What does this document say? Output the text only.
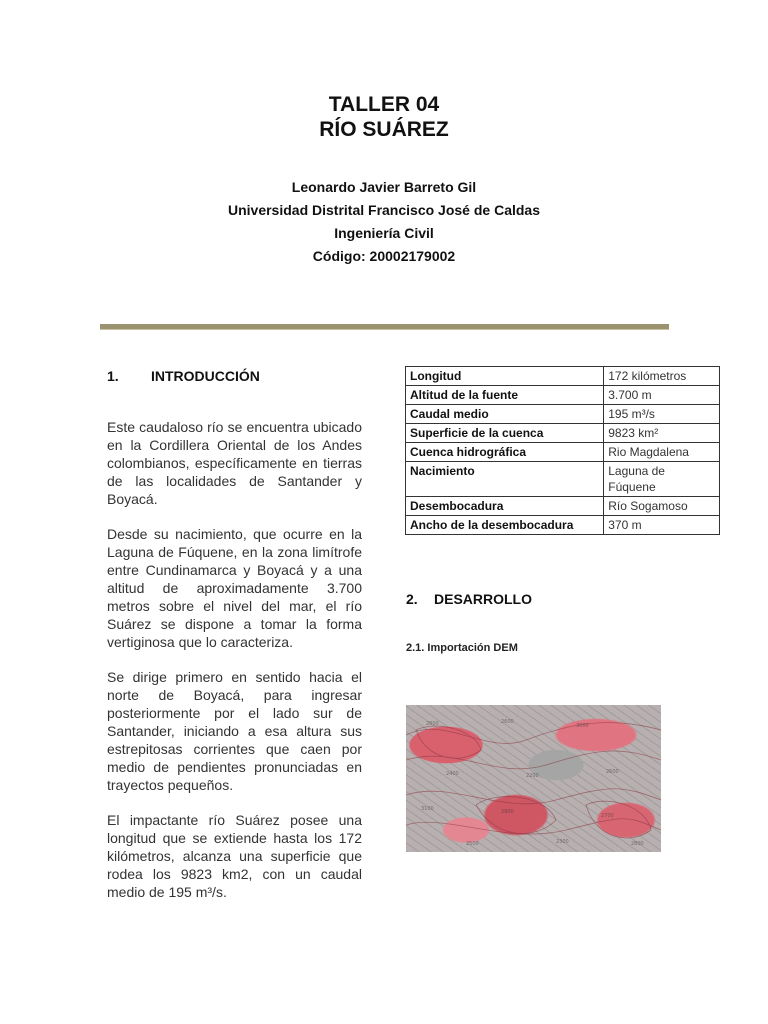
TALLER 04
RÍO SUÁREZ
Leonardo Javier Barreto Gil
Universidad Distrital Francisco José de Caldas
Ingeniería Civil
Código: 20002179002
1. INTRODUCCIÓN

Este caudaloso río se encuentra ubicado en la Cordillera Oriental de los Andes colombianos, específicamente en tierras de las localidades de Santander y Boyacá.

Desde su nacimiento, que ocurre en la Laguna de Fúquene, en la zona limítrofe entre Cundinamarca y Boyacá y a una altitud de aproximadamente 3.700 metros sobre el nivel del mar, el río Suárez se dispone a tomar la forma vertiginosa que lo caracteriza.

Se dirige primero en sentido hacia el norte de Boyacá, para ingresar posteriormente por el lado sur de Santander, iniciando a esa altura sus estrepitosas corrientes que caen por medio de pendientes pronunciadas en trayectos pequeños.

El impactante río Suárez posee una longitud que se extiende hasta los 172 kilómetros, alcanza una superficie que rodea los 9823 km2, con un caudal medio de 195 m³/s.

Longitud	172 kilómetros
Altitud de la fuente	3.700 m
Caudal medio	195 m³/s
Superficie de la cuenca	9823 km²
Cuenca hidrográfica	Rio Magdalena
Nacimiento	Laguna de Fúquene
Desembocadura	Río Sogamoso
Ancho de la desembocadura	370 m
2. DESARROLLO
2.1. Importación DEM
2800	2600
3000
2400	2200
2600
3100	2900
2700
2500	2300	2800
